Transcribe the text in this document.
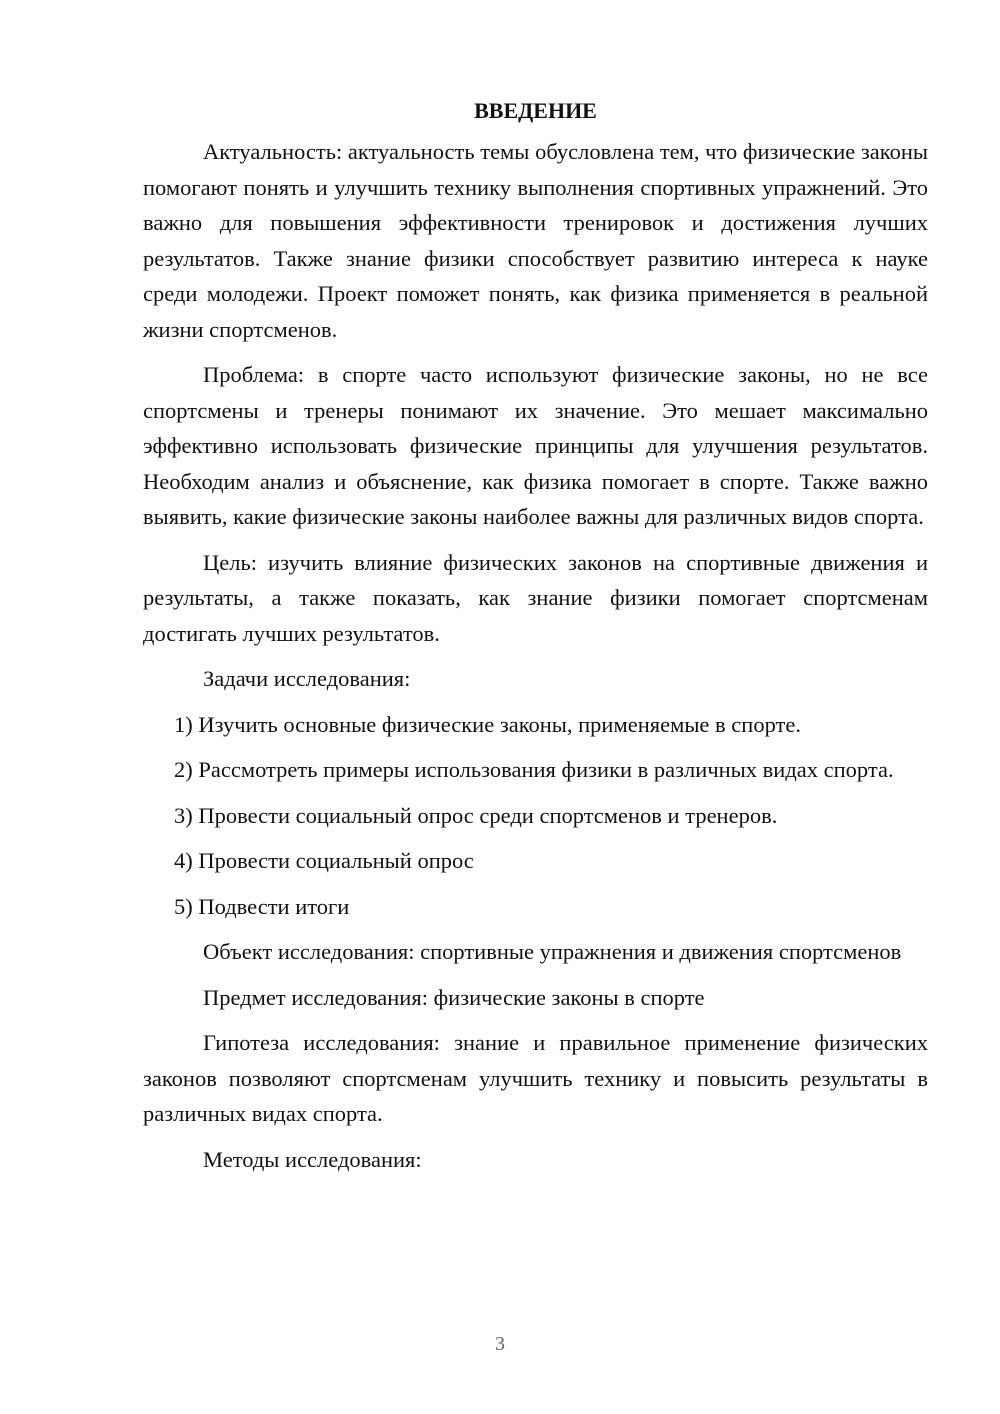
ВВЕДЕНИЕ

Актуальность: актуальность темы обусловлена тем, что физические законы помогают понять и улучшить технику выполнения спортивных упражнений. Это важно для повышения эффективности тренировок и достижения лучших результатов. Также знание физики способствует развитию интереса к науке среди молодежи. Проект поможет понять, как физика применяется в реальной жизни спортсменов.

Проблема: в спорте часто используют физические законы, но не все спортсмены и тренеры понимают их значение. Это мешает максимально эффективно использовать физические принципы для улучшения результатов. Необходим анализ и объяснение, как физика помогает в спорте. Также важно выявить, какие физические законы наиболее важны для различных видов спорта.

Цель: изучить влияние физических законов на спортивные движения и результаты, а также показать, как знание физики помогает спортсменам достигать лучших результатов.

Задачи исследования:

1) Изучить основные физические законы, применяемые в спорте.

2) Рассмотреть примеры использования физики в различных видах спорта.

3) Провести социальный опрос среди спортсменов и тренеров.

4) Провести социальный опрос

5) Подвести итоги

Объект исследования: спортивные упражнения и движения спортсменов

Предмет исследования: физические законы в спорте

Гипотеза исследования: знание и правильное применение физических законов позволяют спортсменам улучшить технику и повысить результаты в различных видах спорта.

Методы исследования:

3
